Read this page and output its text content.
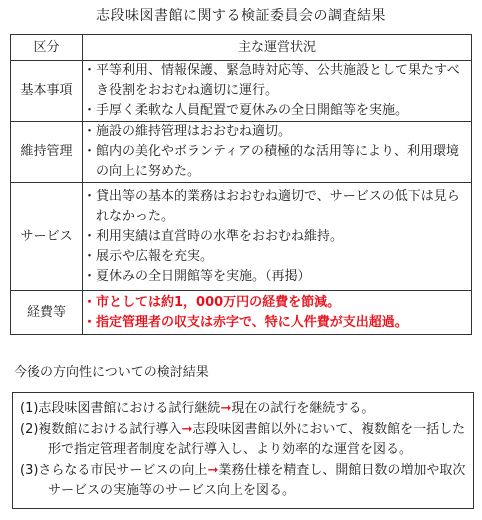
志段味図書館に関する検証委員会の調査結果
区分	主な運営状況
基本事項	・平等利用、情報保護、緊急時対応等、公共施設として果たすべき役割をおおむね適切に運行。
・手厚く柔軟な人員配置で夏休みの全日開館等を実施。

維持管理	・施設の維持管理はおおむね適切。
・館内の美化やボランティアの積極的な活用等により、利用環境の向上に努めた。

サービス	・貸出等の基本的業務はおおむね適切で、サービスの低下は見られなかった。
・利用実績は直営時の水準をおおむね維持。
・展示や広報を充実。
・夏休みの全日開館等を実施。（再掲）

経費等	・市としては約1，000万円の経費を節減。
・指定管理者の収支は赤字で、特に人件費が支出超過。
今後の方向性についての検討結果
(1)志段味図書館における試行継続➞現在の試行を継続する。
(2)複数館における試行導入➞志段味図書館以外において、複数館を一括した形で指定管理者制度を試行導入し、より効率的な運営を図る。
(3)さらなる市民サービスの向上➞業務仕様を精査し、開館日数の増加や取次サービスの実施等のサービス向上を図る。
